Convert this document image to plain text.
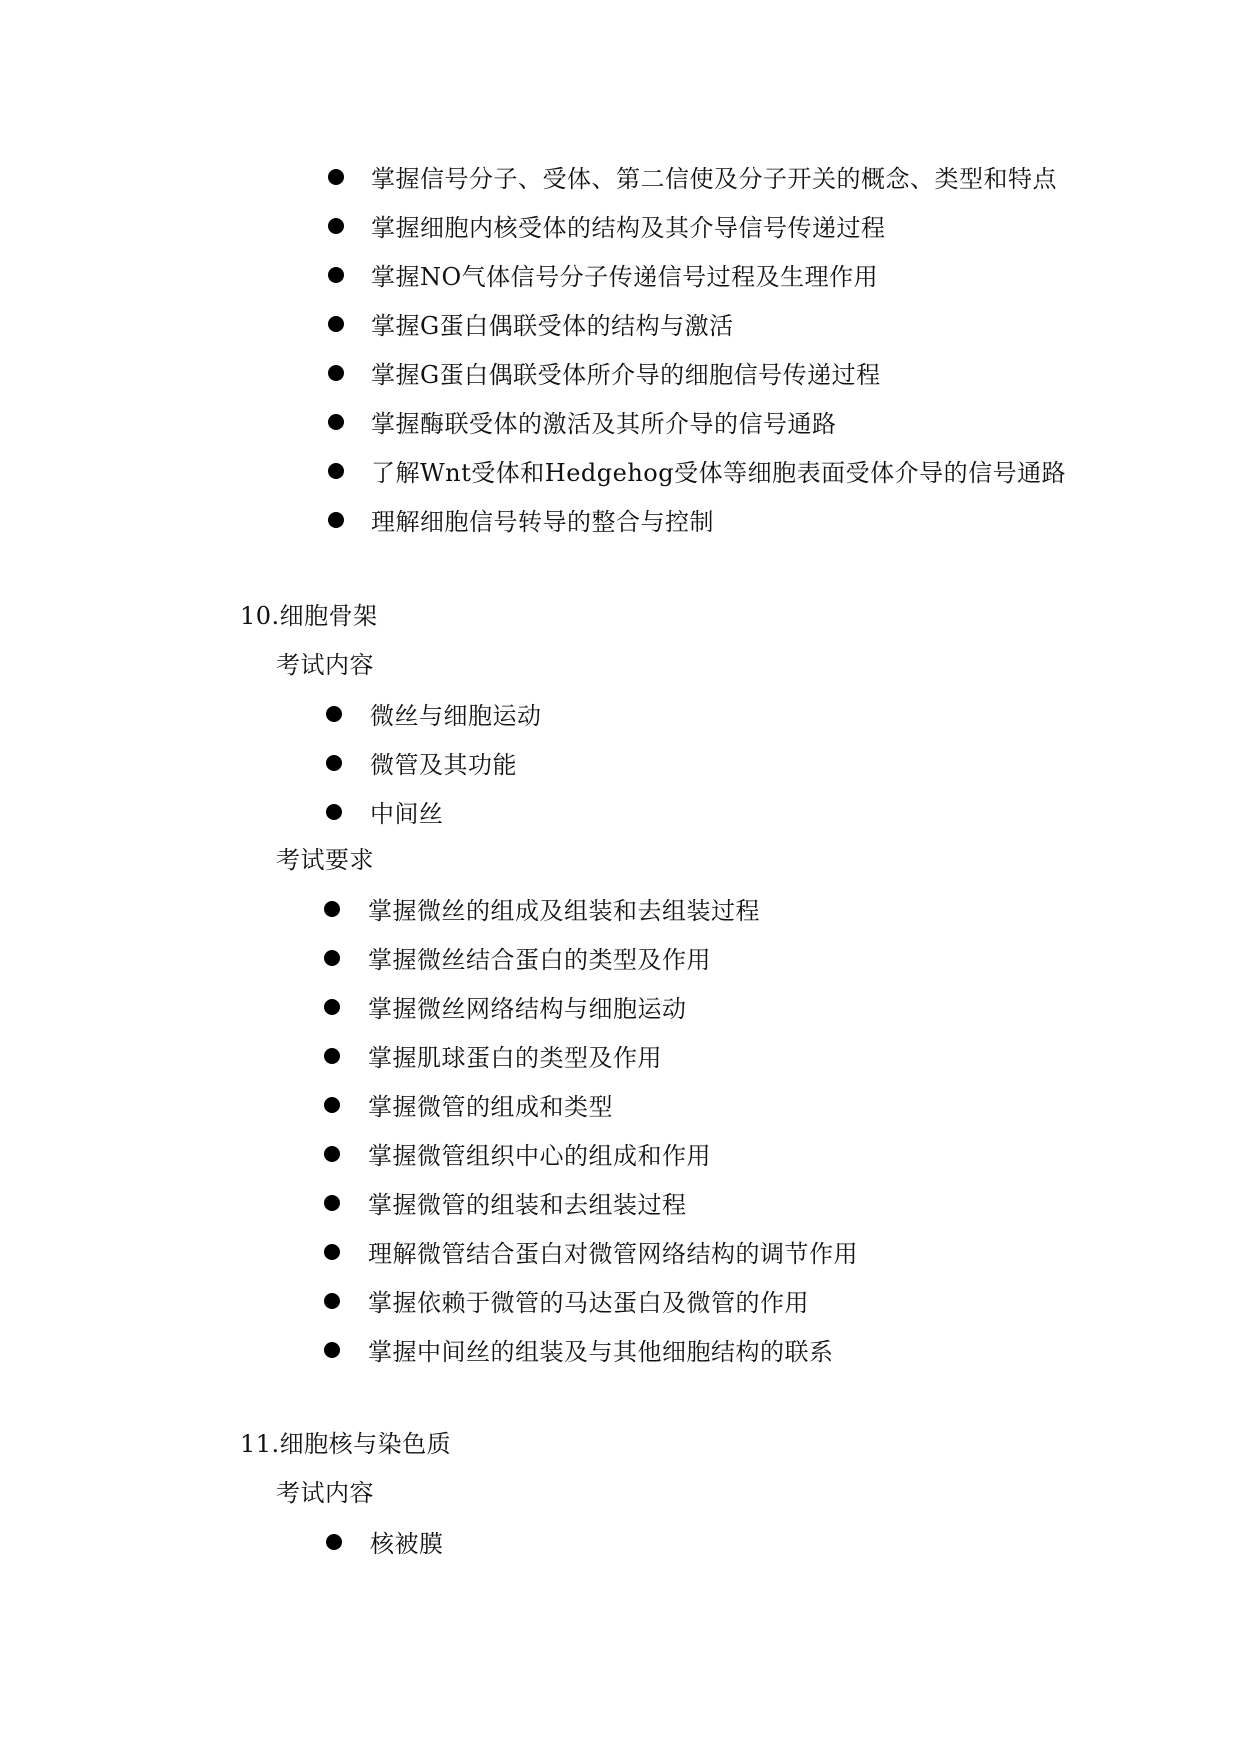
掌握信号分子、受体、第二信使及分子开关的概念、类型和特点
掌握细胞内核受体的结构及其介导信号传递过程
掌握NO气体信号分子传递信号过程及生理作用
掌握G蛋白偶联受体的结构与激活
掌握G蛋白偶联受体所介导的细胞信号传递过程
掌握酶联受体的激活及其所介导的信号通路
了解Wnt受体和Hedgehog受体等细胞表面受体介导的信号通路
理解细胞信号转导的整合与控制
10.细胞骨架
考试内容
微丝与细胞运动
微管及其功能
中间丝
考试要求
掌握微丝的组成及组装和去组装过程
掌握微丝结合蛋白的类型及作用
掌握微丝网络结构与细胞运动
掌握肌球蛋白的类型及作用
掌握微管的组成和类型
掌握微管组织中心的组成和作用
掌握微管的组装和去组装过程
理解微管结合蛋白对微管网络结构的调节作用
掌握依赖于微管的马达蛋白及微管的作用
掌握中间丝的组装及与其他细胞结构的联系
11.细胞核与染色质
考试内容
核被膜
